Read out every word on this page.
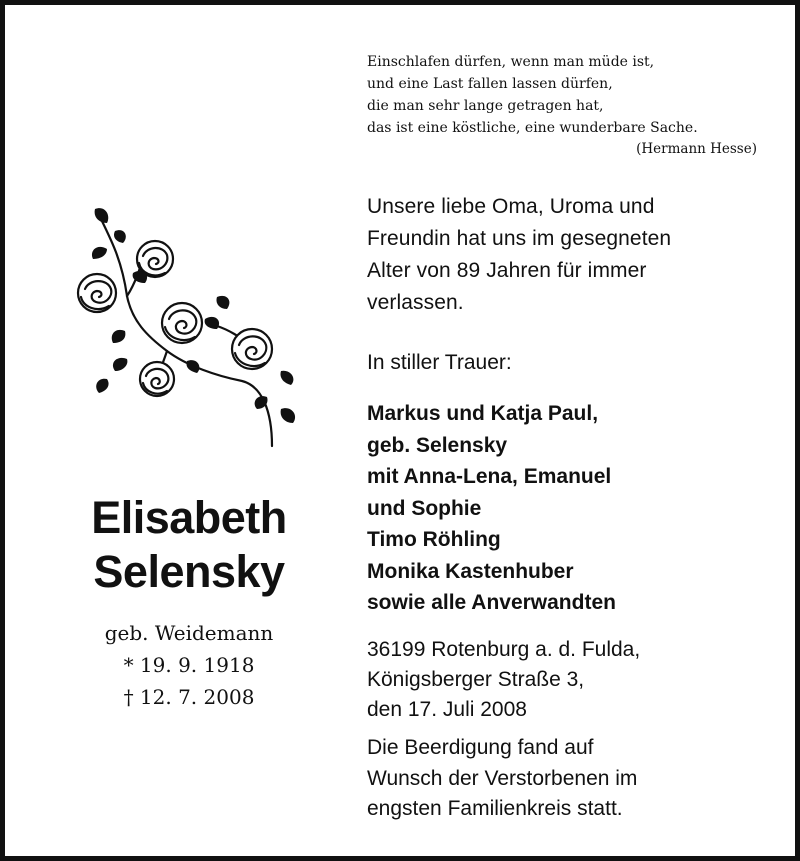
Einschlafen dürfen, wenn man müde ist,
und eine Last fallen lassen dürfen,
die man sehr lange getragen hat,
das ist eine köstliche, eine wunderbare Sache.
(Hermann Hesse)
Unsere liebe Oma, Uroma und
Freundin hat uns im gesegneten
Alter von 89 Jahren für immer
verlassen.
In stiller Trauer:
Markus und Katja Paul,
geb. Selensky
mit Anna-Lena, Emanuel
und Sophie
Timo Röhling
Monika Kastenhuber
sowie alle Anverwandten
36199 Rotenburg a. d. Fulda,
Königsberger Straße 3,
den 17. Juli 2008
Die Beerdigung fand auf
Wunsch der Verstorbenen im
engsten Familienkreis statt.
Elisabeth
Selensky
geb. Weidemann
* 19. 9. 1918
† 12. 7. 2008
